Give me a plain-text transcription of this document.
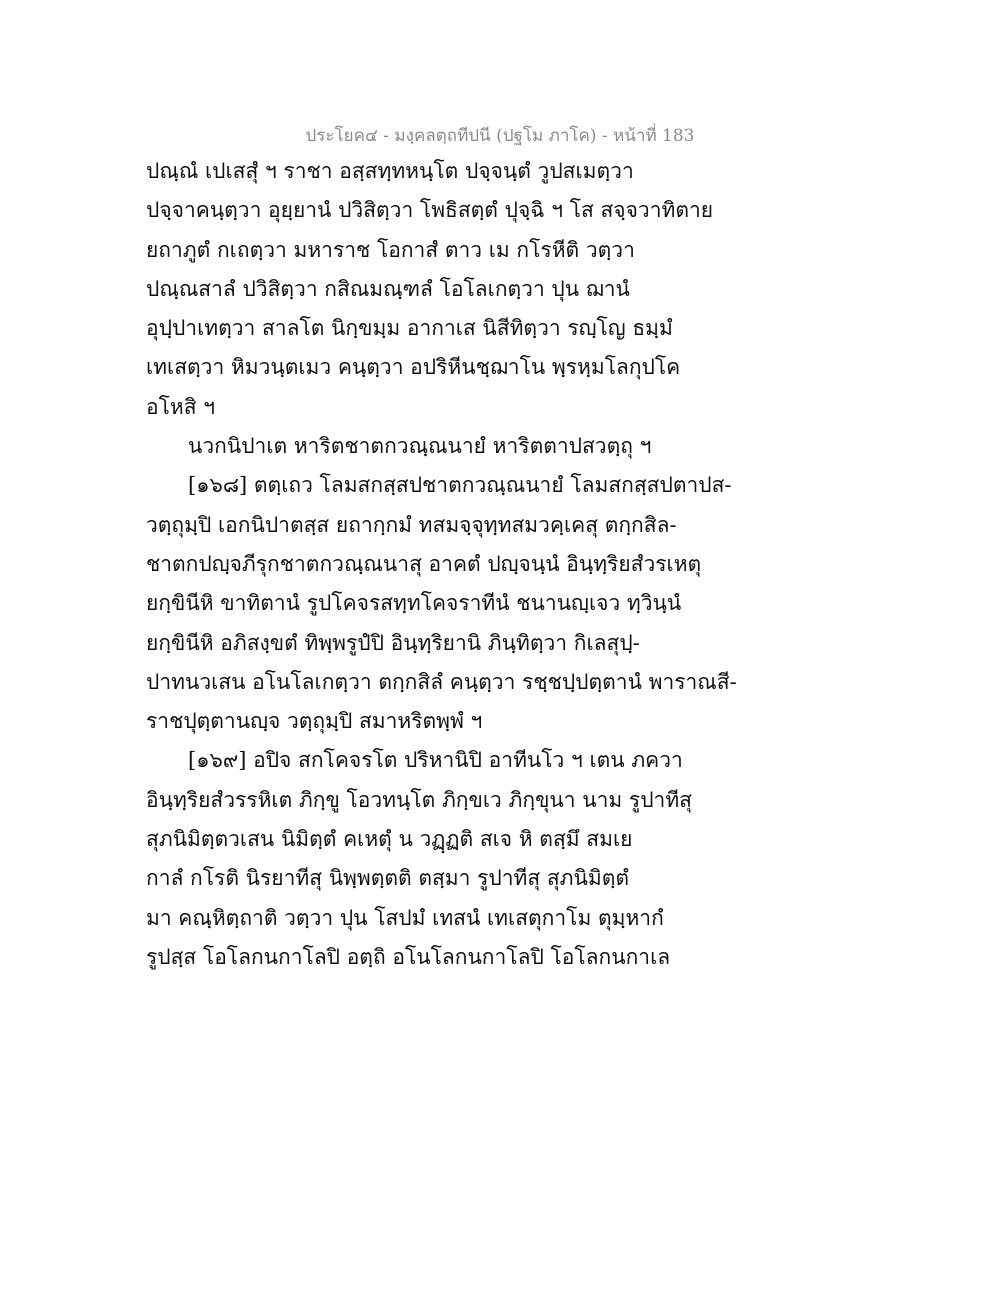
ประโยค๔ - มงฺคลตฺถทีปนี (ปฐโม ภาโค) - หน้าที่ 183
ปณฺณํ เปเสสุํ ฯ ราชา อสฺสทฺทหนฺโต ปจฺจนฺตํ วูปสเมตฺวา
ปจฺจาคนฺตฺวา อุยฺยานํ ปวิสิตฺวา โพธิสตฺตํ ปุจฺฉิ ฯ โส สจฺจวาทิตาย
ยถาภูตํ กเถตฺวา มหาราช โอกาสํ ตาว เม กโรหีติ วตฺวา
ปณฺณสาลํ ปวิสิตฺวา กสิณมณฺฑลํ โอโลเกตฺวา ปุน ฌานํ
อุปฺปาเทตฺวา สาลโต นิกฺขมฺม อากาเส นิสีทิตฺวา รญฺโญ ธมฺมํ
เทเสตฺวา หิมวนฺตเมว คนฺตฺวา อปริหีนชฺฌาโน พฺรหฺมโลกุปโค
อโหสิ ฯ
นวกนิปาเต หาริตชาตกวณฺณนายํ หาริตตาปสวตฺถุ ฯ
[๑๖๘] ตตฺเถว โลมสกสฺสปชาตกวณฺณนายํ โลมสกสฺสปตาปส-
วตฺถุมฺปิ เอกนิปาตสฺส ยถากฺกมํ ทสมจฺจุทฺทสมวคฺเคสุ ตกฺกสิล-
ชาตกปญฺจภีรุกชาตกวณฺณนาสุ อาคตํ ปญฺจนฺนํ อินฺทฺริยสํวรเหตุ
ยกฺขินีหิ ขาทิตานํ รูปโคจรสทฺทโคจราทีนํ ชนานญฺเจว ทฺวินฺนํ
ยกฺขินีหิ อภิสงฺขตํ ทิพฺพรูปํปิ อินฺทฺริยานิ ภินฺทิตฺวา กิเลสุปฺ-
ปาทนวเสน อโนโลเกตฺวา ตกฺกสิลํ คนฺตฺวา รชฺชปฺปตฺตานํ พาราณสี-
ราชปุตฺตานญฺจ วตฺถุมฺปิ สมาหริตพฺพํ ฯ
[๑๖๙] อปิจ สกโคจรโต ปริหานิปิ อาทีนโว ฯ เตน ภควา
อินฺทฺริยสํวรรหิเต ภิกฺขู โอวทนฺโต ภิกฺขเว ภิกฺขุนา นาม รูปาทีสุ
สุภนิมิตฺตวเสน นิมิตฺตํ คเหตุํ น วฏฺฏติ สเจ หิ ตสฺมึ สมเย
กาลํ กโรติ นิรยาทีสุ นิพฺพตฺตติ ตสฺมา รูปาทีสุ สุภนิมิตฺตํ
มา คณฺหิตฺถาติ วตฺวา ปุน โสปมํ เทสนํ เทเสตุกาโม ตุมฺหากํ
รูปสฺส โอโลกนกาโลปิ อตฺถิ อโนโลกนกาโลปิ โอโลกนกาเล
